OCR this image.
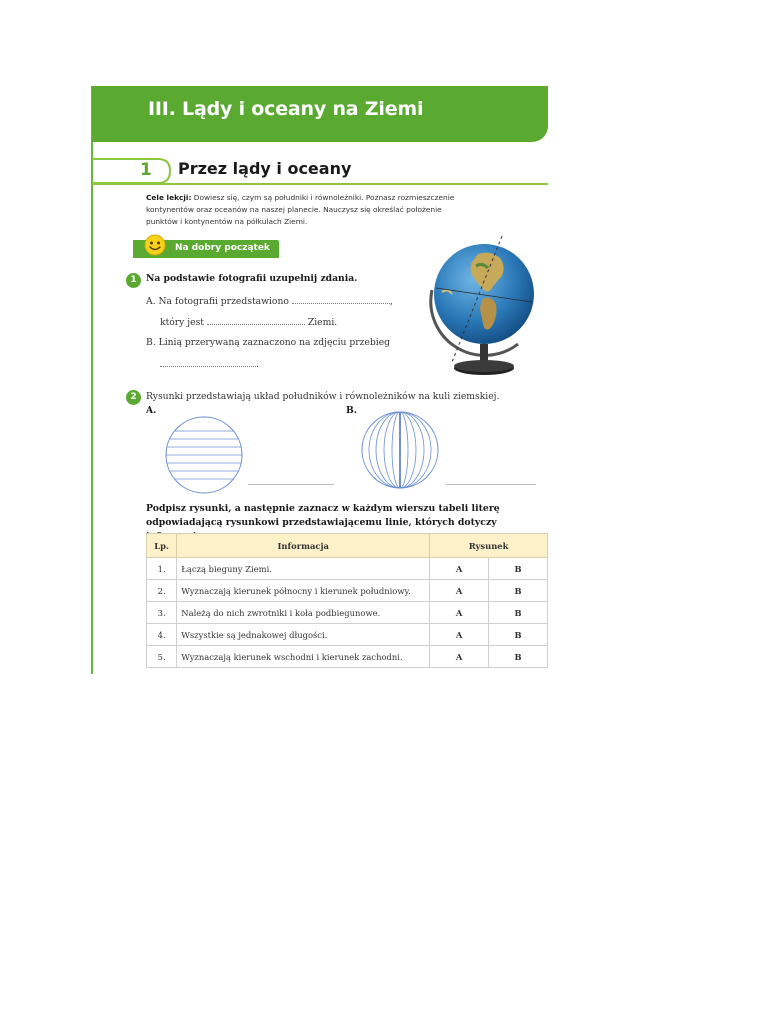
III. Lądy i oceany na Ziemi
1 Przez lądy i oceany
Cele lekcji: Dowiesz się, czym są południki i równoleżniki. Poznasz rozmieszczenie
kontynentów oraz oceanów na naszej planecie. Nauczysz się określać położenie
punktów i kontynentów na półkulach Ziemi.
Na dobry początek
1	Na podstawie fotografii uzupełnij zdania.
A. Na fotografii przedstawiono	,
który jest	Ziemi.
B. Linią przerywaną zaznaczono na zdjęciu przebieg
.
2	Rysunki przedstawiają układ południków i równoleżników na kuli ziemskiej.
A.	B.
Podpisz rysunki, a następnie zaznacz w każdym wierszu tabeli literę odpowiadającą rysunkowi przedstawiającemu linie, których dotyczy
Lp.	Informacja	Rysunek	
1.	Łączą bieguny Ziemi.	A	B
2.	Wyznaczają kierunek północny i kierunek południowy.	A	B
3.	Należą do nich zwrotniki i koła podbiegunowe.	A	B
4.	Wszystkie są jednakowej długości.	A	B
5.	Wyznaczają kierunek wschodni i kierunek zachodni.	A	B
